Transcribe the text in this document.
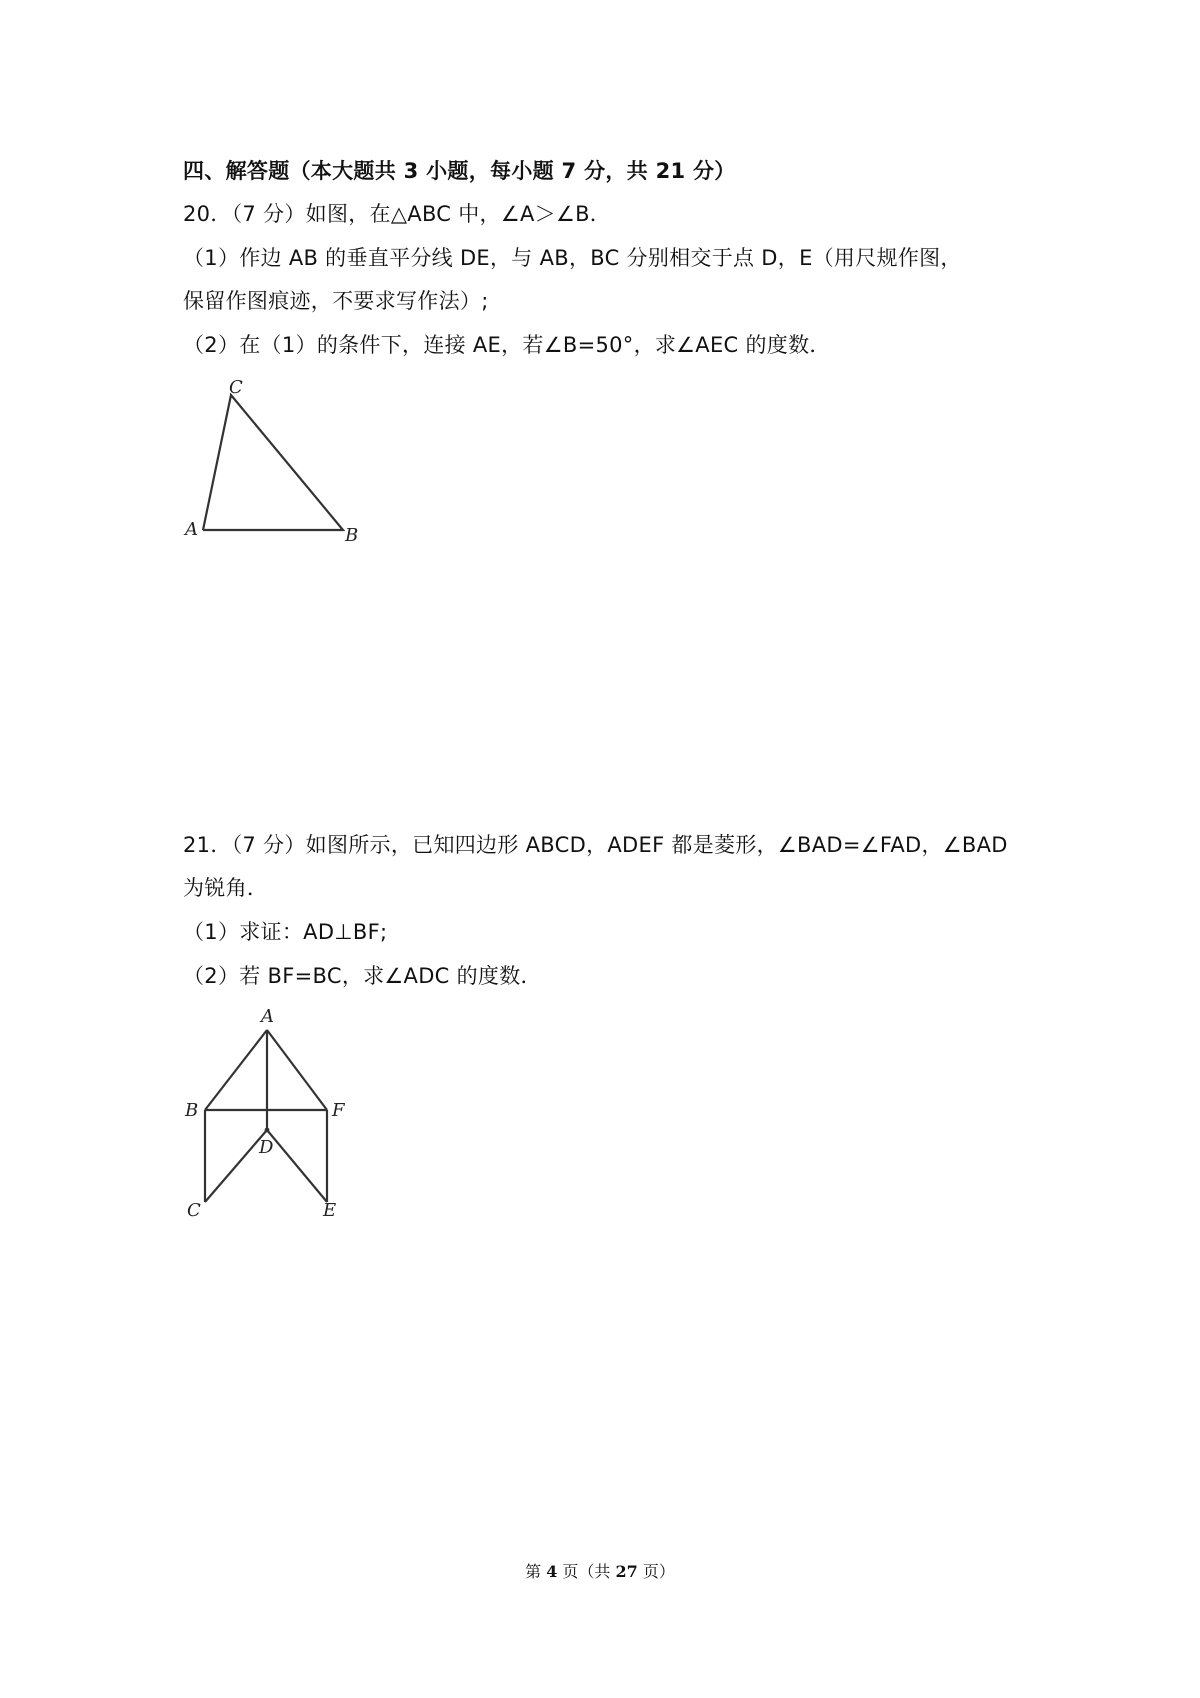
四、解答题（本大题共 3 小题，每小题 7 分，共 21 分）
20．（7 分）如图，在△ABC 中，∠A＞∠B．
（1）作边 AB 的垂直平分线 DE，与 AB，BC 分别相交于点 D，E（用尺规作图，
保留作图痕迹，不要求写作法）;
（2）在（1）的条件下，连接 AE，若∠B=50°，求∠AEC 的度数．
C
A	B
21．（7 分）如图所示，已知四边形 ABCD，ADEF 都是菱形，∠BAD=∠FAD，∠BAD
为锐角．
（1）求证：AD⊥BF;
（2）若 BF=BC，求∠ADC 的度数．
A
B	F
D
C	E
第 4 页（共 27 页）
